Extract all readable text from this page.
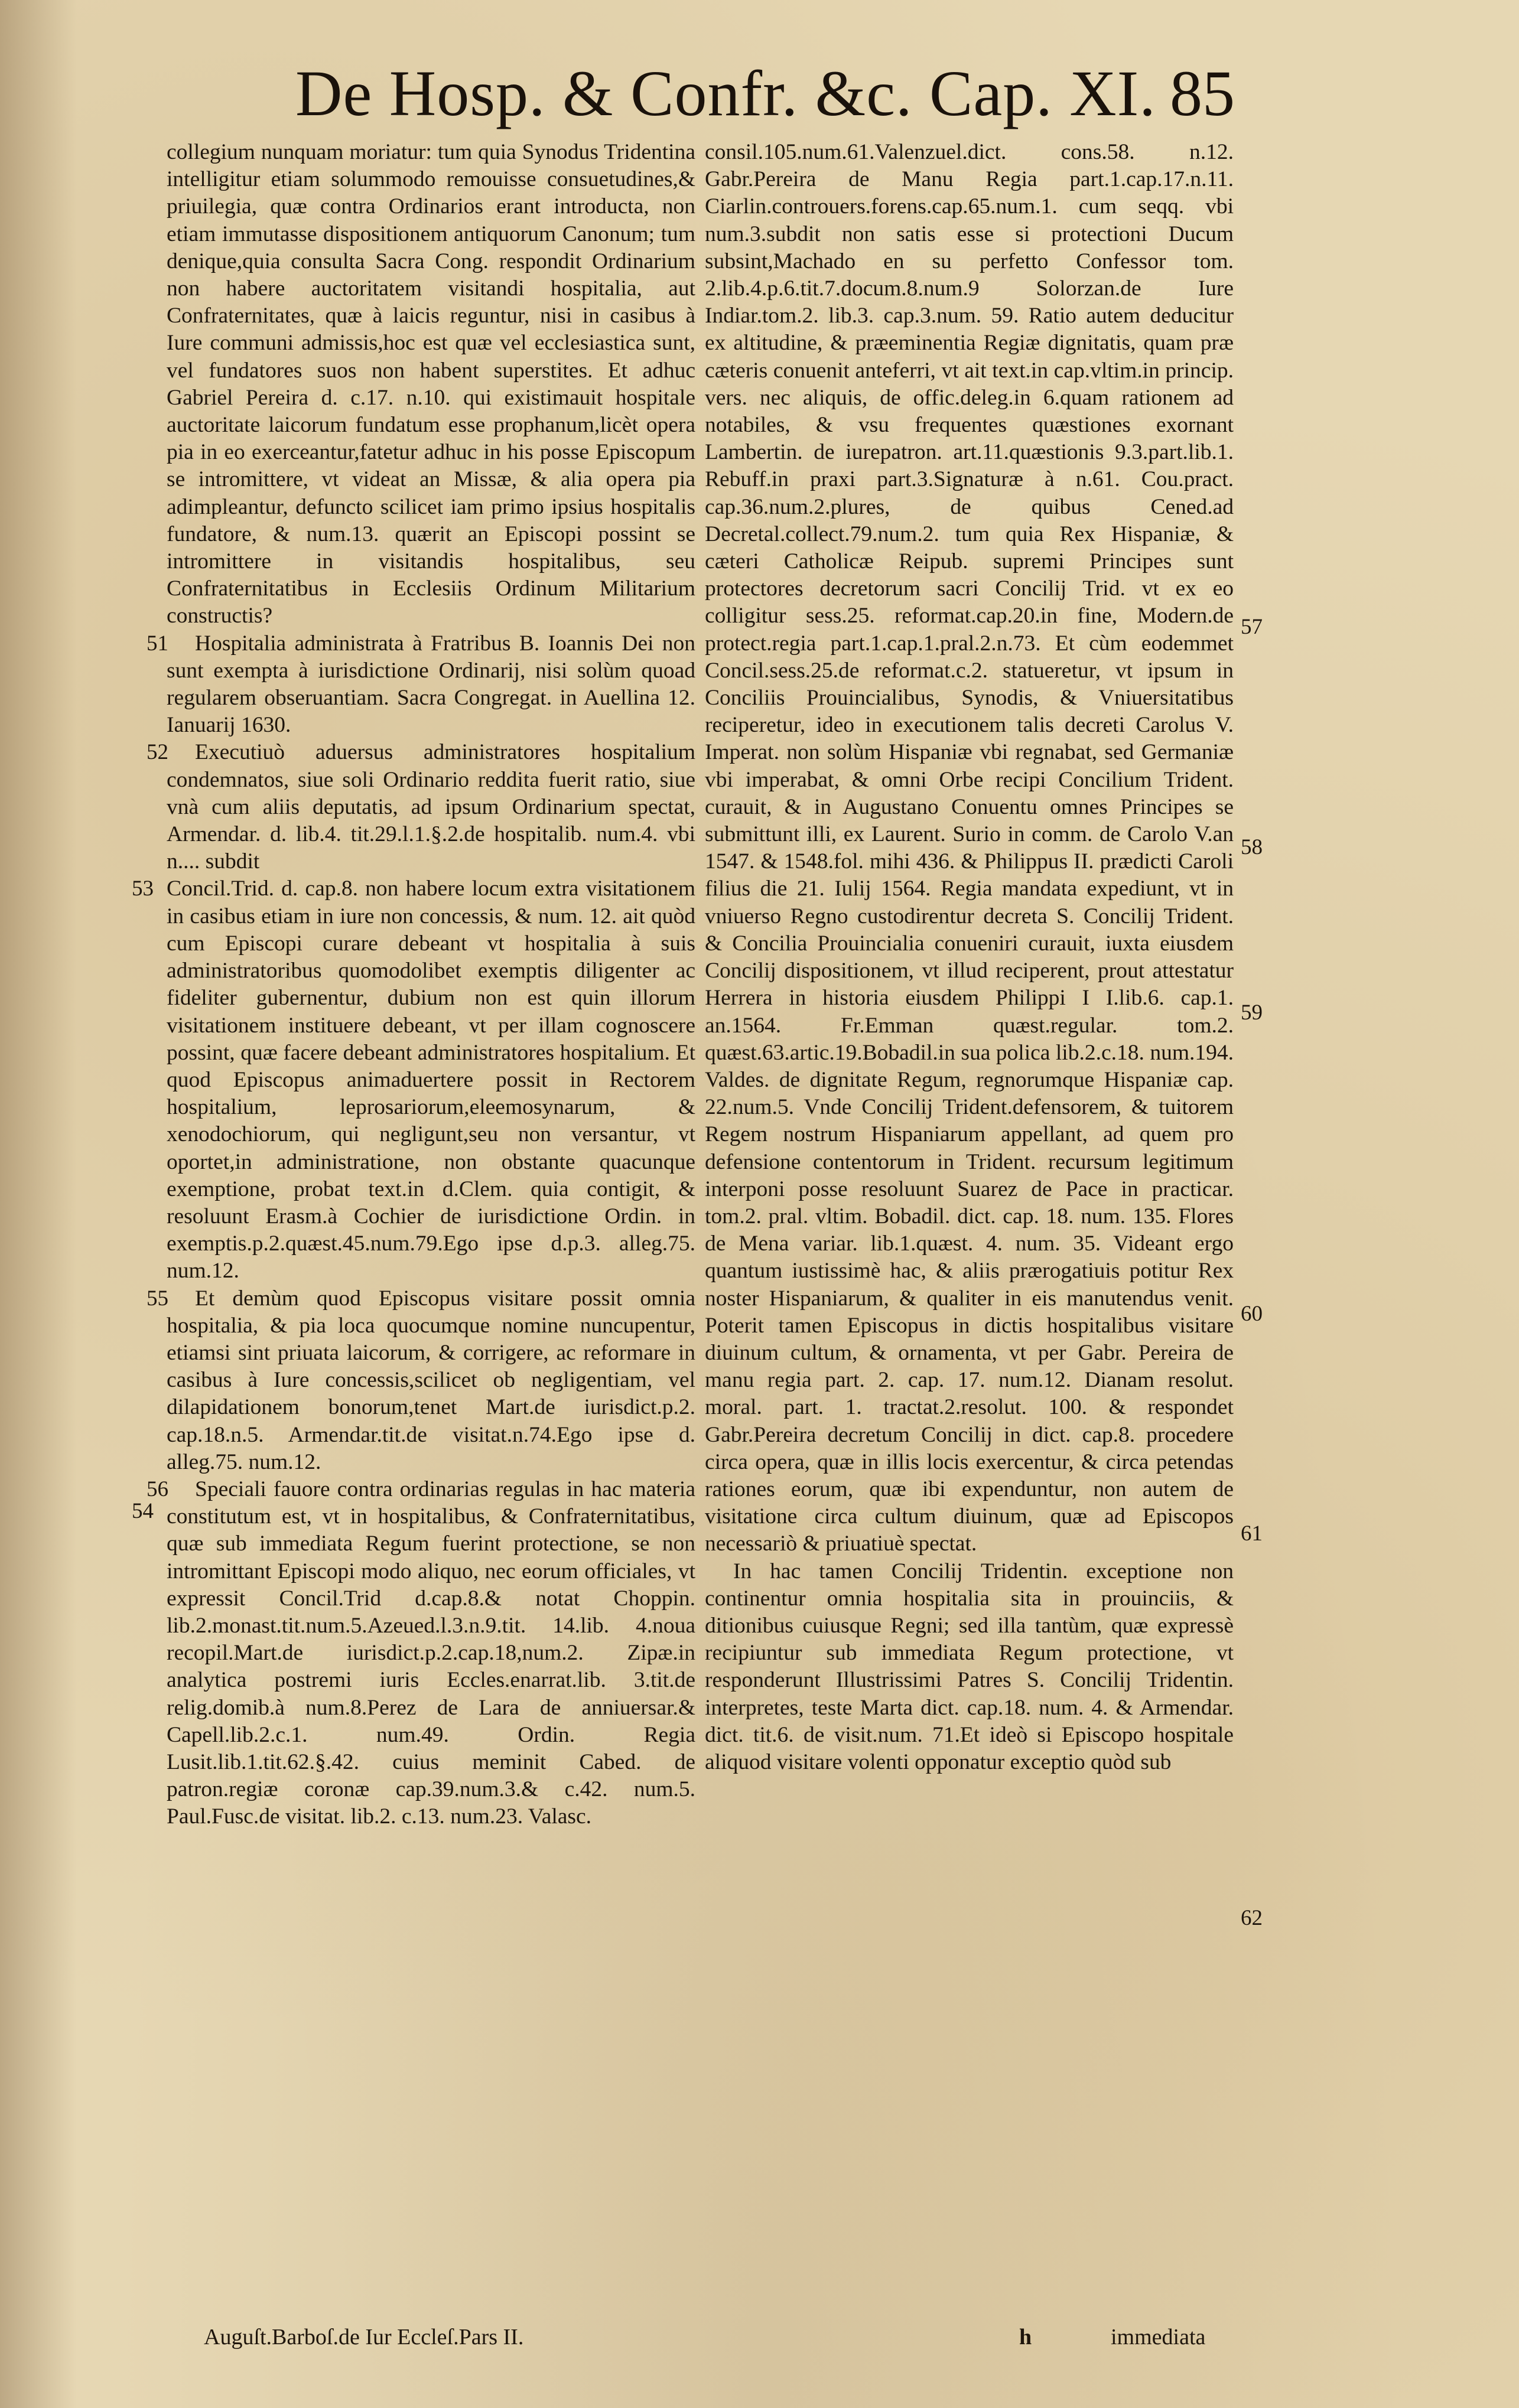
De Hosp. & Confr. &c. Cap. XI. 85

collegium nunquam moriatur: tum quia Synodus Tridentina intelligitur etiam solummodo remouisse consuetudines,& priuilegia, quæ contra Ordinarios erant introducta, non etiam immutasse dispositionem antiquorum Canonum; tum denique,quia consulta Sacra Cong. respondit Ordinarium non habere auctoritatem visitandi hospitalia, aut Confraternitates, quæ à laicis reguntur, nisi in casibus à Iure communi admissis,hoc est quæ vel ecclesiastica sunt, vel fundatores suos non habent superstites. Et adhuc Gabriel Pereira d. c.17. n.10. qui existimauit hospitale auctoritate laicorum fundatum esse prophanum,licèt opera pia in eo exerceantur,fatetur adhuc in his posse Episcopum se intromittere, vt videat an Missæ, & alia opera pia adimpleantur, defuncto scilicet iam primo ipsius hospitalis fundatore, & num.13. quærit an Episcopi possint se intromittere in visitandis hospitalibus, seu Confraternitatibus in Ecclesiis Ordinum Militarium constructis?

51 Hospitalia administrata à Fratribus B. Ioannis Dei non sunt exempta à iurisdictione Ordinarij, nisi solùm quoad regularem obseruantiam. Sacra Congregat. in Auellina 12. Ianuarij 1630.

52 Executiuò aduersus administratores hospitalium condemnatos, siue soli Ordinario reddita fuerit ratio, siue vnà cum aliis deputatis, ad ipsum Ordinarium spectat, Armendar. d. lib.4. tit.29.l.1.§.2.de hospitalib. num.4. vbi n.... subdit

53
54
Concil.Trid. d. cap.8. non habere locum extra visitationem in casibus etiam in iure non concessis, & num. 12. ait quòd cum Episcopi curare debeant vt hospitalia à suis administratoribus quomodolibet exemptis diligenter ac fideliter gubernentur, dubium non est quin illorum visitationem instituere debeant, vt per illam cognoscere possint, quæ facere debeant administratores hospitalium. Et quod Episcopus animaduertere possit in Rectorem hospitalium, leprosariorum,eleemosynarum, & xenodochiorum, qui negligunt,seu non versantur, vt oportet,in administratione, non obstante quacunque exemptione, probat text.in d.Clem. quia contigit, & resoluunt Erasm.à Cochier de iurisdictione Ordin. in exemptis.p.2.quæst.45.num.79.Ego ipse d.p.3. alleg.75. num.12.

55 Et demùm quod Episcopus visitare possit omnia hospitalia, & pia loca quocumque nomine nuncupentur, etiamsi sint priuata laicorum, & corrigere, ac reformare in casibus à Iure concessis,scilicet ob negligentiam, vel dilapidationem bonorum,tenet Mart.de iurisdict.p.2. cap.18.n.5. Armendar.tit.de visitat.n.74.Ego ipse d. alleg.75. num.12.

56 Speciali fauore contra ordinarias regulas in hac materia constitutum est, vt in hospitalibus, & Confraternitatibus, quæ sub immediata Regum fuerint protectione, se non intromittant Episcopi modo aliquo, nec eorum officiales, vt expressit Concil.Trid d.cap.8.& notat Choppin. lib.2.monast.tit.num.5.Azeued.l.3.n.9.tit. 14.lib. 4.noua recopil.Mart.de iurisdict.p.2.cap.18,num.2. Zipæ.in analytica postremi iuris Eccles.enarrat.lib. 3.tit.de relig.domib.à num.8.Perez de Lara de anniuersar.& Capell.lib.2.c.1. num.49. Ordin. Regia Lusit.lib.1.tit.62.§.42. cuius meminit Cabed. de patron.regiæ coronæ cap.39.num.3.& c.42. num.5. Paul.Fusc.de visitat. lib.2. c.13. num.23. Valasc.

consil.105.num.61.Valenzuel.dict. cons.58. n.12. Gabr.Pereira de Manu Regia part.1.cap.17.n.11. Ciarlin.controuers.forens.cap.65.num.1. cum seqq. vbi num.3.subdit non satis esse si protectioni Ducum subsint,Machado en su perfetto Confessor tom. 2.lib.4.p.6.tit.7.docum.8.num.9 Solorzan.de Iure Indiar.tom.2. lib.3. cap.3.num. 59. Ratio autem deducitur ex altitudine, & præeminentia Regiæ dignitatis, quam præ cæteris conuenit anteferri, vt ait text.in cap.vltim.in princip. vers. nec aliquis, de offic.deleg.in 6.quam rationem ad notabiles, & vsu frequentes quæstiones exornant Lambertin. de iurepatron. art.11.quæstionis 9.3.part.lib.1. Rebuff.in praxi part.3.Signaturæ à n.61. Cou.pract. cap.36.num.2.plures, de quibus Cened.ad Decretal.collect.79.num.2. tum quia Rex Hispaniæ, & cæteri Catholicæ Reipub. supremi Principes sunt protectores decretorum sacri Concilij Trid. vt ex eo colligitur sess.25. reformat.cap.20.in fine, Modern.de protect.regia part.1.cap.1.pral.2.n.73. Et cùm eodemmet Concil.sess.25.de reformat.c.2. statueretur, vt ipsum in Conciliis Prouincialibus, Synodis, & Vniuersitatibus reciperetur, ideo in executionem talis decreti Carolus V. Imperat. non solùm Hispaniæ vbi regnabat, sed Germaniæ vbi imperabat, & omni Orbe recipi Concilium Trident. curauit, & in Augustano Conuentu omnes Principes se submittunt illi, ex Laurent. Surio in comm. de Carolo V.an 1547. & 1548.fol. mihi 436. & Philippus II. prædicti Caroli filius die 21. Iulij 1564. Regia mandata expediunt, vt in vniuerso Regno custodirentur decreta S. Concilij Trident. & Concilia Prouincialia conueniri curauit, iuxta eiusdem Concilij dispositionem, vt illud reciperent, prout attestatur Herrera in historia eiusdem Philippi I I.lib.6. cap.1. an.1564. Fr.Emman quæst.regular. tom.2. quæst.63.artic.19.Bobadil.in sua polica lib.2.c.18. num.194. Valdes. de dignitate Regum, regnorumque Hispaniæ cap. 22.num.5. Vnde Concilij Trident.defensorem, & tuitorem Regem nostrum Hispaniarum appellant, ad quem pro defensione contentorum in Trident. recursum legitimum interponi posse resoluunt Suarez de Pace in practicar. tom.2. pral. vltim. Bobadil. dict. cap. 18. num. 135. Flores de Mena variar. lib.1.quæst. 4. num. 35. Videant ergo quantum iustissimè hac, & aliis prærogatiuis potitur Rex noster Hispaniarum, & qualiter in eis manutendus venit. Poterit tamen Episcopus in dictis hospitalibus visitare diuinum cultum, & ornamenta, vt per Gabr. Pereira de manu regia part. 2. cap. 17. num.12. Dianam resolut. moral. part. 1. tractat.2.resolut. 100. & respondet Gabr.Pereira decretum Concilij in dict. cap.8. procedere circa opera, quæ in illis locis exercentur, & circa petendas rationes eorum, quæ ibi expenduntur, non autem de visitatione circa cultum diuinum, quæ ad Episcopos necessariò & priuatiuè spectat.

In hac tamen Concilij Tridentin. exceptione non continentur omnia hospitalia sita in prouinciis, & ditionibus cuiusque Regni; sed illa tantùm, quæ expressè recipiuntur sub immediata Regum protectione, vt responderunt Illustrissimi Patres S. Concilij Tridentin. interpretes, teste Marta dict. cap.18. num. 4. & Armendar. dict. tit.6. de visit.num. 71.Et ideò si Episcopo hospitale aliquod visitare volenti opponatur exceptio quòd sub

57
58
59
60
61
62
Auguſt.Barboſ.de Iur Eccleſ.Pars II.	h	immediata
